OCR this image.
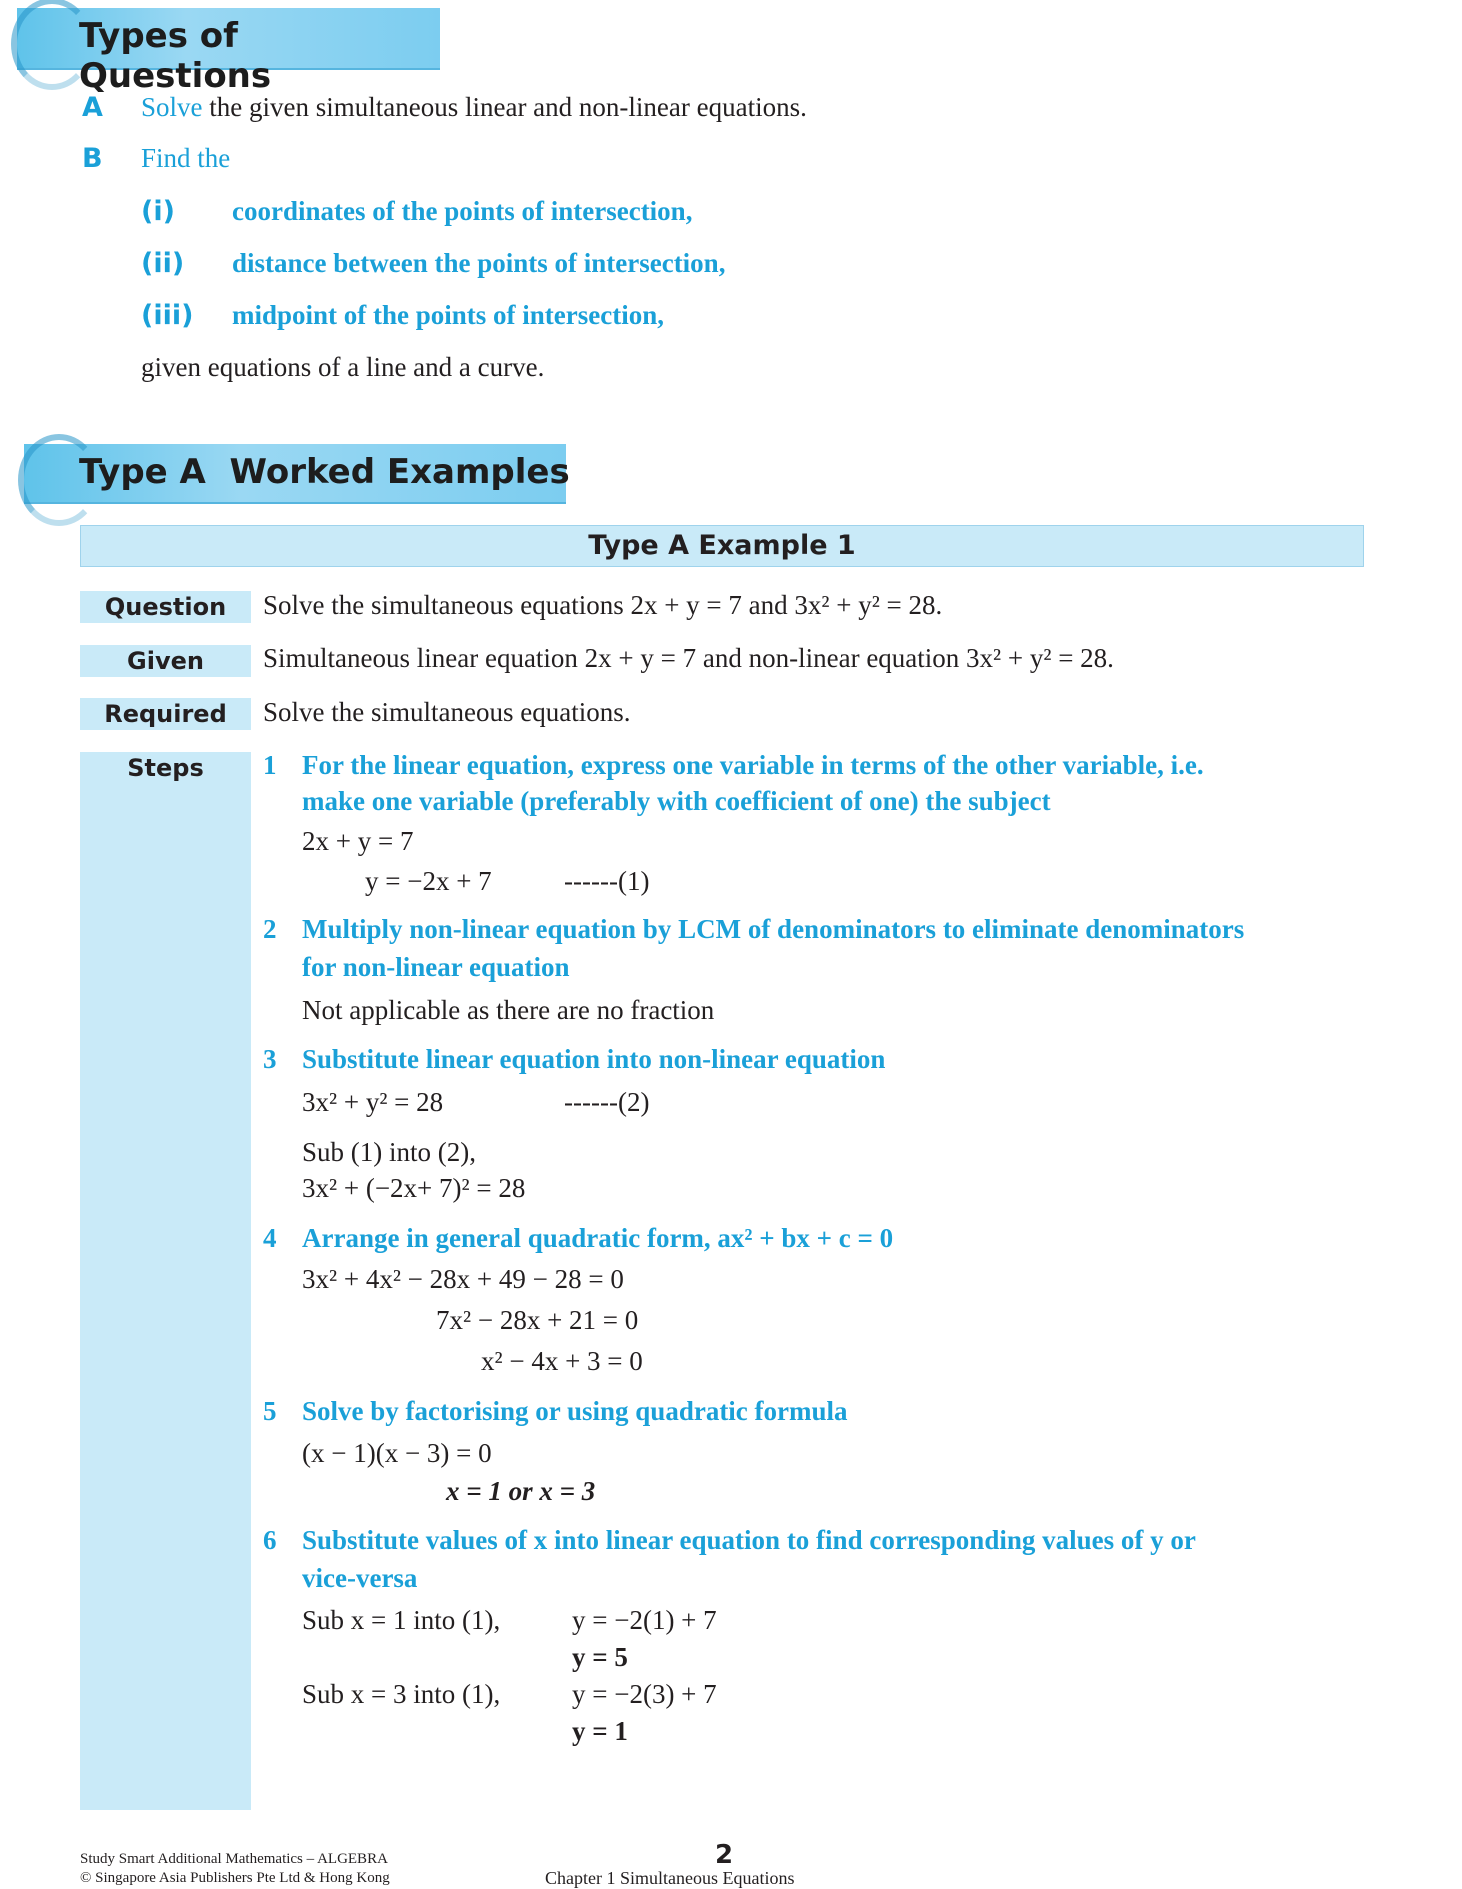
Types of Questions
A Solve the given simultaneous linear and non-linear equations.
B Find the
(i) coordinates of the points of intersection,
(ii) distance between the points of intersection,
(iii) midpoint of the points of intersection,
given equations of a line and a curve.
Type A  Worked Examples
Type A Example 1
Question	Solve the simultaneous equations 2x + y = 7 and 3x² + y² = 28.
Given	Simultaneous linear equation 2x + y = 7 and non-linear equation 3x² + y² = 28.
Required	Solve the simultaneous equations.
Steps	1 For the linear equation, express one variable in terms of the other variable, i.e.
make one variable (preferably with coefficient of one) the subject
2x + y = 7
y = −2x + 7	------(1)
2 Multiply non-linear equation by LCM of denominators to eliminate denominators
for non-linear equation
Not applicable as there are no fraction
3 Substitute linear equation into non-linear equation
3x² + y² = 28	------(2)
Sub (1) into (2),
3x² + (−2x+ 7)² = 28
4 Arrange in general quadratic form, ax² + bx + c = 0
3x² + 4x² − 28x + 49 − 28 = 0
7x² − 28x + 21 = 0
x² − 4x + 3 = 0
5 Solve by factorising or using quadratic formula
(x − 1)(x − 3) = 0
x = 1 or x = 3
6 Substitute values of x into linear equation to find corresponding values of y or
vice-versa
Sub x = 1 into (1),	y = −2(1) + 7
y = 5
Sub x = 3 into (1),	y = −2(3) + 7
y = 1
Study Smart Additional Mathematics – ALGEBRA	2
© Singapore Asia Publishers Pte Ltd & Hong Kong	Chapter 1 Simultaneous Equations
